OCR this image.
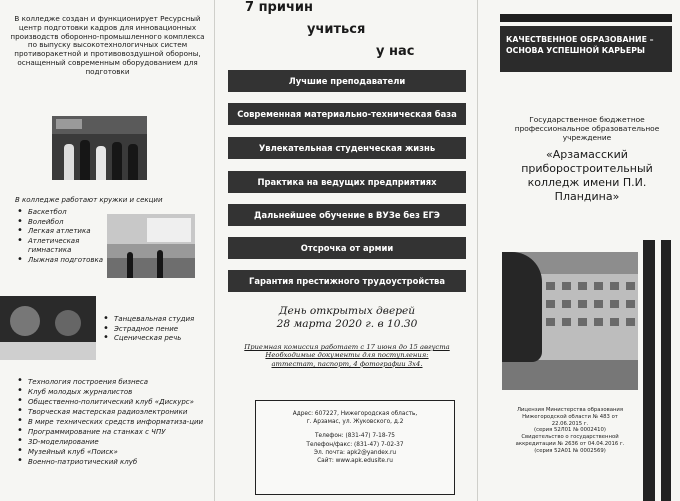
В колледже создан и функционирует Ресурсный центр подготовки кадров для инновационных производств оборонно-промышленного комплекса по выпуску высокотехнологичных систем противоракетной и противовоздушной обороны, оснащенный современным оборудованием для подготовки
В колледже работают кружки и секции
• Баскетбол
• Волейбол
• Легкая атлетика
• Атлетическая гимнастика
• Лыжная подготовка
• Танцевальная студия
• Эстрадное пение
• Сценическая речь
• Технология построения бизнеса
• Клуб молодых журналистов
• Общественно-политический клуб «Дискурс»
• Творческая мастерская радиоэлектроники
• В мире технических средств информатиза-ции
• Программирование на станках с ЧПУ
• 3D-моделирование
• Музейный клуб «Поиск»
• Военно-патриотический клуб
7 причин
учиться
у нас
Лучшие преподаватели
Современная материально-техническая база
Увлекательная студенческая жизнь
Практика на ведущих предприятиях
Дальнейшее обучение в ВУЗе без ЕГЭ
Отсрочка от армии
Гарантия престижного трудоустройства
День открытых дверей
28 марта 2020 г. в 10.30
Приемная комиссия работает с 17 июня до 15 августа
Необходимые документы для поступления:
аттестат, паспорт, 4 фотографии 3х4.
Адрес: 607227, Нижегородская область,
г. Арзамас, ул. Жуковского, д.2
Телефон: (831-47) 7-18-75
Телефон/факс: (831-47) 7-02-37
Эл. почта: apk2@yandex.ru
Сайт: www.apk.edusite.ru
КАЧЕСТВЕННОЕ ОБРАЗОВАНИЕ – ОСНОВА УСПЕШНОЙ КАРЬЕРЫ
Государственное бюджетное профессиональное образовательное учреждение
«Арзамасский приборостроительный колледж имени П.И. Пландина»
Лицензия Министерства образования
Нижегородской области № 483 от
22.06.2015 г.
(серия 52Л01 № 0002410)
Свидетельство о государственной
аккредитации № 2636 от 04.04.2016 г.
(серия 52А01 № 0002569)
